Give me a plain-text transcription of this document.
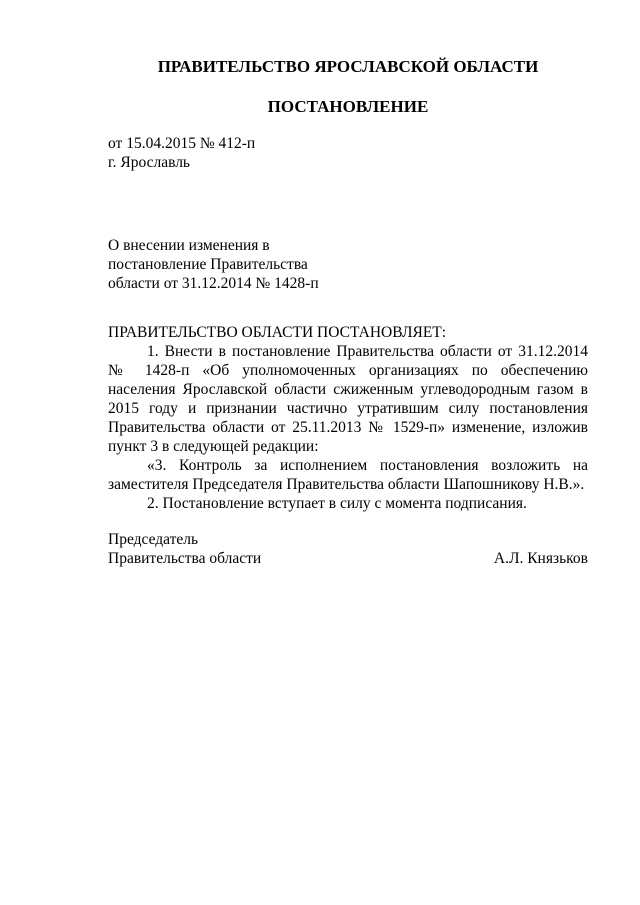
ПРАВИТЕЛЬСТВО ЯРОСЛАВСКОЙ ОБЛАСТИ
ПОСТАНОВЛЕНИЕ
от 15.04.2015 № 412-п
г. Ярославль
О внесении изменения в
постановление Правительства
области от 31.12.2014 № 1428-п

ПРАВИТЕЛЬСТВО ОБЛАСТИ ПОСТАНОВЛЯЕТ:

1. Внести в постановление Правительства области от 31.12.2014 № 1428-п «Об уполномоченных организациях по обеспечению населения Ярославской области сжиженным углеводородным газом в 2015 году и признании частично утратившим силу постановления Правительства области от 25.11.2013 № 1529-п» изменение, изложив пункт 3 в следующей редакции:

«3. Контроль за исполнением постановления возложить на заместителя Председателя Правительства области Шапошникову Н.В.».

2. Постановление вступает в силу с момента подписания.

Председатель
Правительства области	А.Л. Князьков
